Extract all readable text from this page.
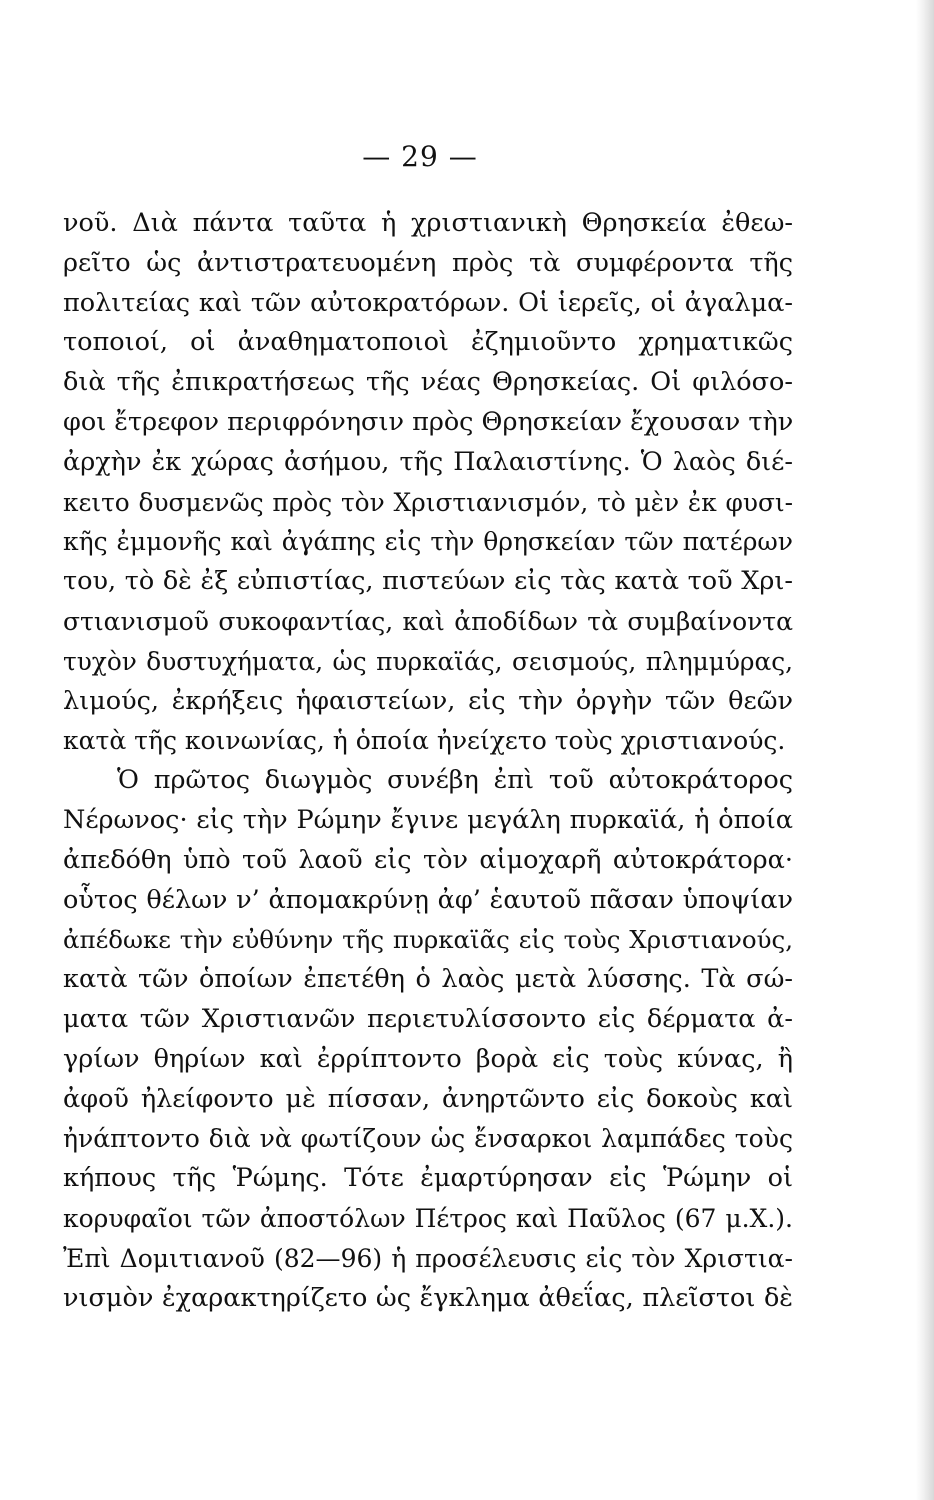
— 29 —
νοῦ. Διὰ πάντα ταῦτα ἡ χριστιανικὴ Θρησκεία ἐθεω-
ρεῖτο ὡς ἀντιστρατευομένη πρὸς τὰ συμφέροντα τῆς
πολιτείας καὶ τῶν αὐτοκρατόρων. Οἱ ἱερεῖς, οἱ ἀγαλμα-
τοποιοί, οἱ ἀναθηματοποιοὶ ἐζημιοῦντο χρηματικῶς
διὰ τῆς ἐπικρατήσεως τῆς νέας Θρησκείας. Οἱ φιλόσο-
φοι ἔτρεφον περιφρόνησιν πρὸς Θρησκείαν ἔχουσαν τὴν
ἀρχὴν ἐκ χώρας ἀσήμου, τῆς Παλαιστίνης. Ὁ λαὸς διέ-
κειτο δυσμενῶς πρὸς τὸν Χριστιανισμόν, τὸ μὲν ἐκ φυσι-
κῆς ἐμμονῆς καὶ ἀγάπης εἰς τὴν θρησκείαν τῶν πατέρων
του, τὸ δὲ ἐξ εὐπιστίας, πιστεύων εἰς τὰς κατὰ τοῦ Χρι-
στιανισμοῦ συκοφαντίας, καὶ ἀποδίδων τὰ συμβαίνοντα
τυχὸν δυστυχήματα, ὡς πυρκαϊάς, σεισμούς, πλημμύρας,
λιμούς, ἐκρήξεις ἡφαιστείων, εἰς τὴν ὀργὴν τῶν θεῶν
κατὰ τῆς κοινωνίας, ἡ ὁποία ἠνείχετο τοὺς χριστιανούς.
Ὁ πρῶτος διωγμὸς συνέβη ἐπὶ τοῦ αὐτοκράτορος
Νέρωνος· εἰς τὴν Ρώμην ἔγινε μεγάλη πυρκαϊά, ἡ ὁποία
ἀπεδόθη ὑπὸ τοῦ λαοῦ εἰς τὸν αἱμοχαρῆ αὐτοκράτορα·
οὗτος θέλων ν’ ἀπομακρύνῃ ἀφ’ ἑαυτοῦ πᾶσαν ὑποψίαν
ἀπέδωκε τὴν εὐθύνην τῆς πυρκαϊᾶς εἰς τοὺς Χριστιανούς,
κατὰ τῶν ὁποίων ἐπετέθη ὁ λαὸς μετὰ λύσσης. Τὰ σώ-
ματα τῶν Χριστιανῶν περιετυλίσσοντο εἰς δέρματα ἀ-
γρίων θηρίων καὶ ἐρρίπτοντο βορὰ εἰς τοὺς κύνας, ἢ
ἀφοῦ ἠλείφοντο μὲ πίσσαν, ἀνηρτῶντο εἰς δοκοὺς καὶ
ἠνάπτοντο διὰ νὰ φωτίζουν ὡς ἔνσαρκοι λαμπάδες τοὺς
κήπους τῆς Ῥώμης. Τότε ἐμαρτύρησαν εἰς Ῥώμην οἱ
κορυφαῖοι τῶν ἀποστόλων Πέτρος καὶ Παῦλος (67 μ.Χ.).
Ἐπὶ Δομιτιανοῦ (82—96) ἡ προσέλευσις εἰς τὸν Χριστια-
νισμὸν ἐχαρακτηρίζετο ὡς ἔγκλημα ἀθεΐας, πλεῖστοι δὲ
